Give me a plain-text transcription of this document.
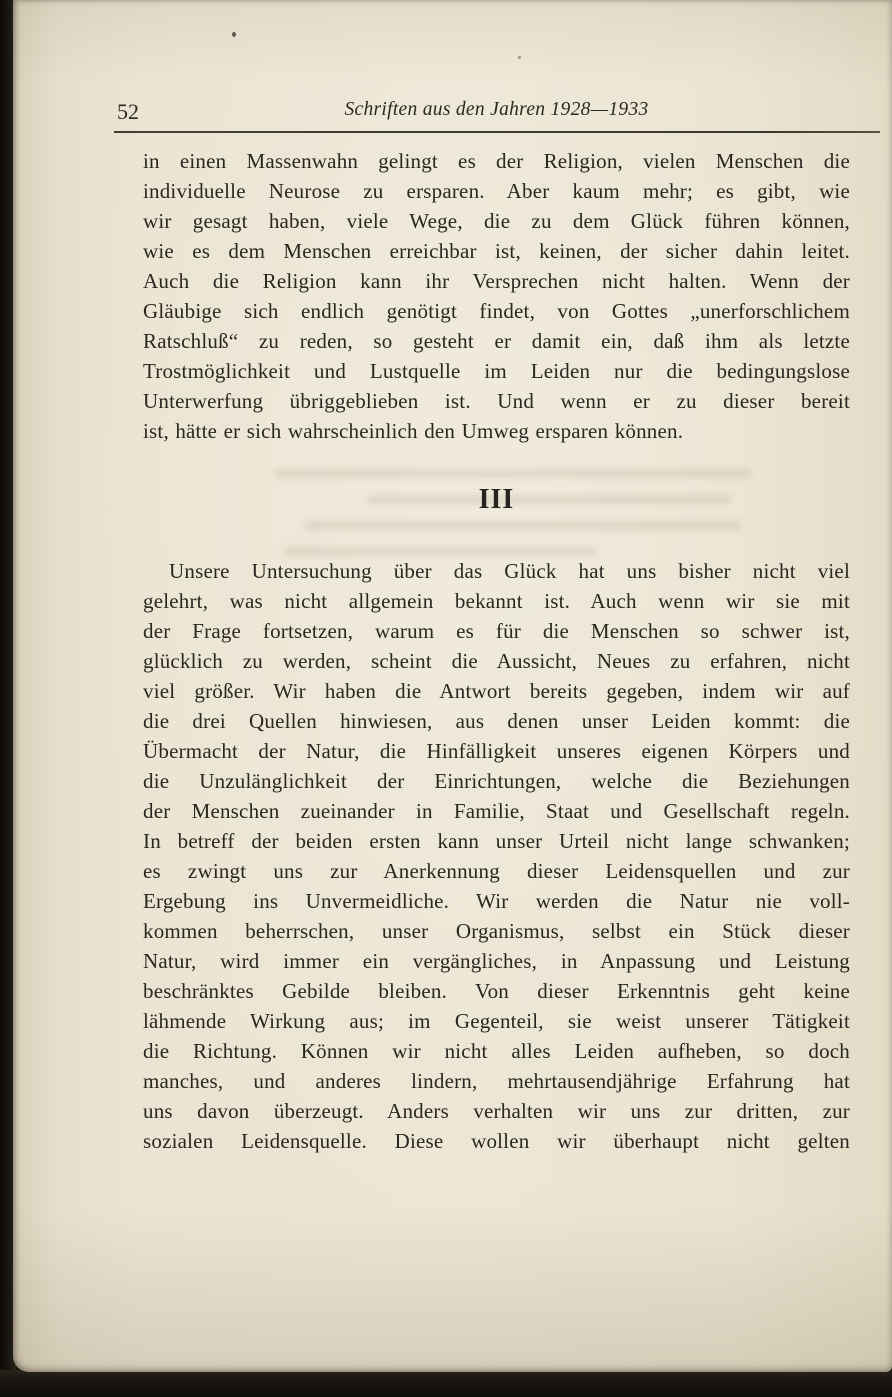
52	Schriften aus den Jahren 1928—1933
in einen Massenwahn gelingt es der Religion, vielen Menschen die
individuelle Neurose zu ersparen. Aber kaum mehr; es gibt, wie
wir gesagt haben, viele Wege, die zu dem Glück führen können,
wie es dem Menschen erreichbar ist, keinen, der sicher dahin leitet.
Auch die Religion kann ihr Versprechen nicht halten. Wenn der
Gläubige sich endlich genötigt findet, von Gottes „unerforschlichem
Ratschluß“ zu reden, so gesteht er damit ein, daß ihm als letzte
Trostmöglichkeit und Lustquelle im Leiden nur die bedingungslose
Unterwerfung übriggeblieben ist. Und wenn er zu dieser bereit
ist, hätte er sich wahrscheinlich den Umweg ersparen können.
III
Unsere Untersuchung über das Glück hat uns bisher nicht viel
gelehrt, was nicht allgemein bekannt ist. Auch wenn wir sie mit
der Frage fortsetzen, warum es für die Menschen so schwer ist,
glücklich zu werden, scheint die Aussicht, Neues zu erfahren, nicht
viel größer. Wir haben die Antwort bereits gegeben, indem wir auf
die drei Quellen hinwiesen, aus denen unser Leiden kommt: die
Übermacht der Natur, die Hinfälligkeit unseres eigenen Körpers und
die Unzulänglichkeit der Einrichtungen, welche die Beziehungen
der Menschen zueinander in Familie, Staat und Gesellschaft regeln.
In betreff der beiden ersten kann unser Urteil nicht lange schwanken;
es zwingt uns zur Anerkennung dieser Leidensquellen und zur
Ergebung ins Unvermeidliche. Wir werden die Natur nie voll-
kommen beherrschen, unser Organismus, selbst ein Stück dieser
Natur, wird immer ein vergängliches, in Anpassung und Leistung
beschränktes Gebilde bleiben. Von dieser Erkenntnis geht keine
lähmende Wirkung aus; im Gegenteil, sie weist unserer Tätigkeit
die Richtung. Können wir nicht alles Leiden aufheben, so doch
manches, und anderes lindern, mehrtausendjährige Erfahrung hat
uns davon überzeugt. Anders verhalten wir uns zur dritten, zur
sozialen Leidensquelle. Diese wollen wir überhaupt nicht gelten
